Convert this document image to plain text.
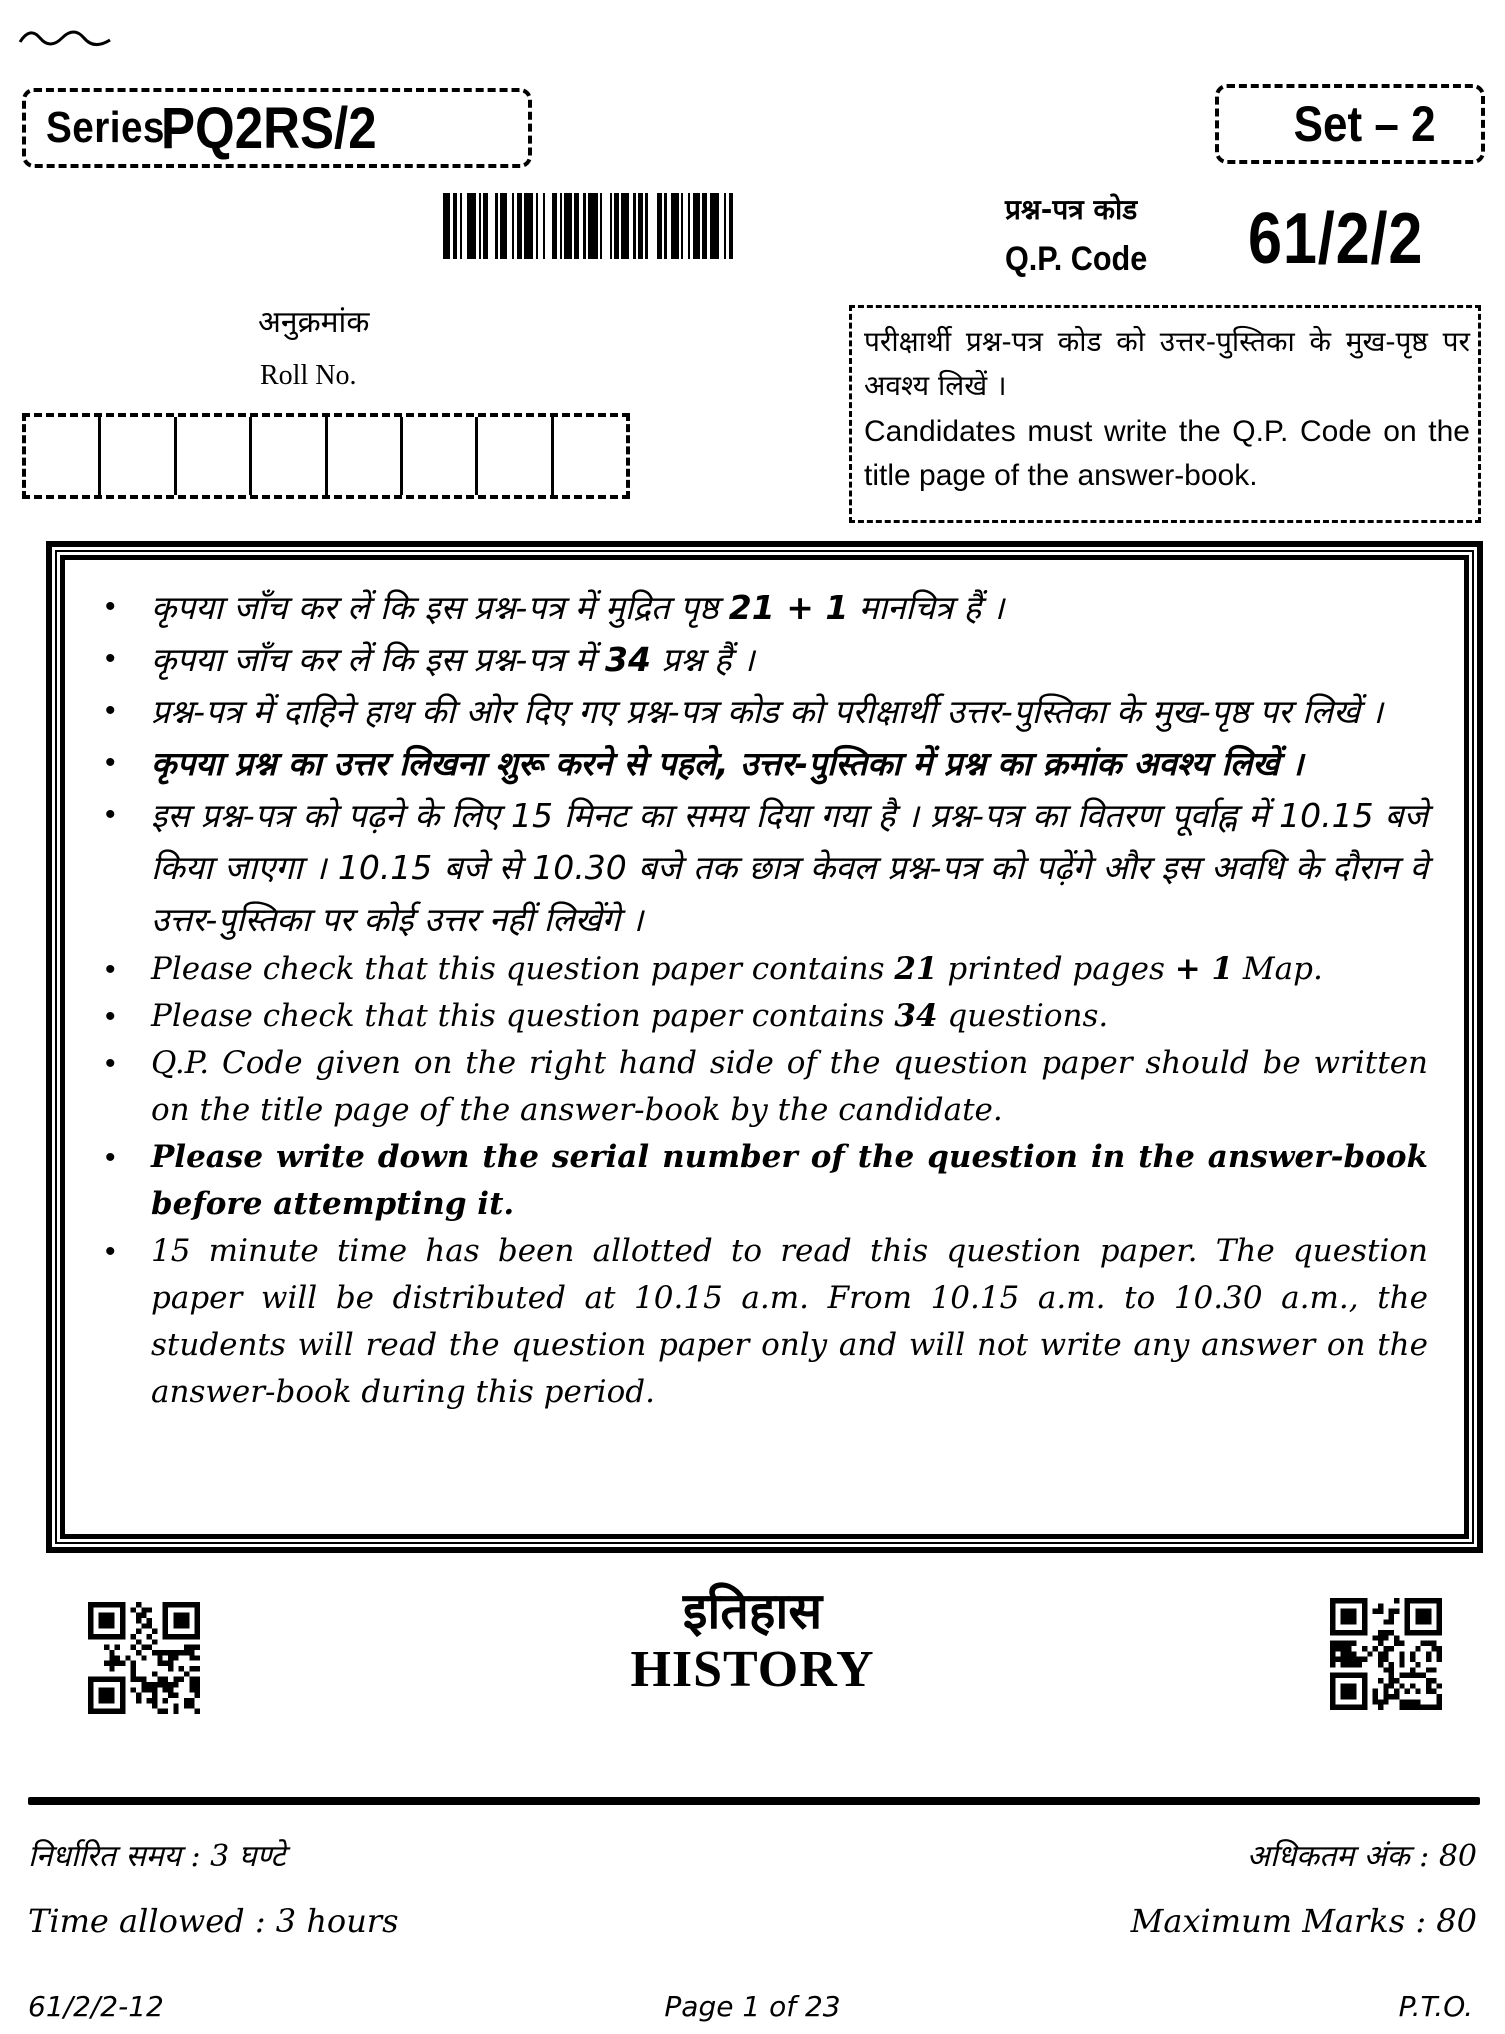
Series
PQ2RS/2	Set – 2
प्रश्न-पत्र कोड
Q.P. Code 61/2/2
अनुक्रमांक
Roll No.
परीक्षार्थी प्रश्न-पत्र कोड को उत्तर-पुस्तिका के मुख-पृष्ठ पर अवश्य लिखें ।
Candidates must write the Q.P. Code on the title page of the answer-book.
•	कृपया जाँच कर लें कि इस प्रश्न-पत्र में मुद्रित पृष्ठ 21 + 1 मानचित्र हैं ।
•	कृपया जाँच कर लें कि इस प्रश्न-पत्र में 34 प्रश्न हैं ।
•	प्रश्न-पत्र में दाहिने हाथ की ओर दिए गए प्रश्न-पत्र कोड को परीक्षार्थी उत्तर-पुस्तिका के मुख-पृष्ठ पर लिखें ।
•	कृपया प्रश्न का उत्तर लिखना शुरू करने से पहले, उत्तर-पुस्तिका में प्रश्न का क्रमांक अवश्य लिखें ।
•	इस प्रश्न-पत्र को पढ़ने के लिए 15 मिनट का समय दिया गया है । प्रश्न-पत्र का वितरण पूर्वाह्न में 10.15 बजे किया जाएगा । 10.15 बजे से 10.30 बजे तक छात्र केवल प्रश्न-पत्र को पढ़ेंगे और इस अवधि के दौरान वे उत्तर-पुस्तिका पर कोई उत्तर नहीं लिखेंगे ।
•	Please check that this question paper contains 21 printed pages + 1 Map.
•	Please check that this question paper contains 34 questions.
•	Q.P. Code given on the right hand side of the question paper should be written on the title page of the answer-book by the candidate.
•	Please write down the serial number of the question in the answer-book before attempting it.
•	15 minute time has been allotted to read this question paper. The question paper will be distributed at 10.15 a.m. From 10.15 a.m. to 10.30 a.m., the students will read the question paper only and will not write any answer on the answer-book during this period.
इतिहास
HISTORY
निर्धारित समय : 3 घण्टे	अधिकतम अंक : 80
Time allowed : 3 hours	Maximum Marks : 80
61/2/2-12	Page 1 of 23	P.T.O.
